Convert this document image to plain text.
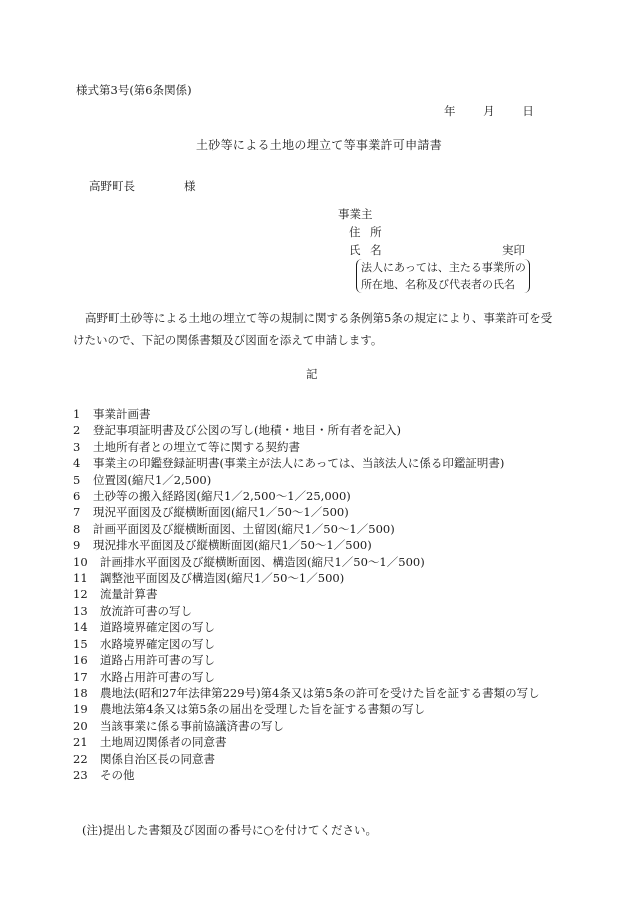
様式第3号(第6条関係)
年 月 日
土砂等による土地の埋立て等事業許可申請書
高野町長	様
事業主
住 所
氏 名	実印
法人にあっては、主たる事業所の
所在地、名称及び代表者の氏名
高野町土砂等による土地の埋立て等の規制に関する条例第5条の規定により、事業許可を受けたいので、下記の関係書類及び図面を添えて申請します。
記
1 事業計画書
2 登記事項証明書及び公図の写し(地積・地目・所有者を記入)
3 土地所有者との埋立て等に関する契約書
4 事業主の印鑑登録証明書(事業主が法人にあっては、当該法人に係る印鑑証明書)
5 位置図(縮尺1／2,500)
6 土砂等の搬入経路図(縮尺1／2,500～1／25,000)
7 現況平面図及び縦横断面図(縮尺1／50～1／500)
8 計画平面図及び縦横断面図、土留図(縮尺1／50～1／500)
9 現況排水平面図及び縦横断面図(縮尺1／50～1／500)
10 計画排水平面図及び縦横断面図、構造図(縮尺1／50～1／500)
11 調整池平面図及び構造図(縮尺1／50～1／500)
12 流量計算書
13 放流許可書の写し
14 道路境界確定図の写し
15 水路境界確定図の写し
16 道路占用許可書の写し
17 水路占用許可書の写し
18 農地法(昭和27年法律第229号)第4条又は第5条の許可を受けた旨を証する書類の写し
19 農地法第4条又は第5条の届出を受理した旨を証する書類の写し
20 当該事業に係る事前協議済書の写し
21 土地周辺関係者の同意書
22 関係自治区長の同意書
23 その他
(注)提出した書類及び図面の番号に○を付けてください。
